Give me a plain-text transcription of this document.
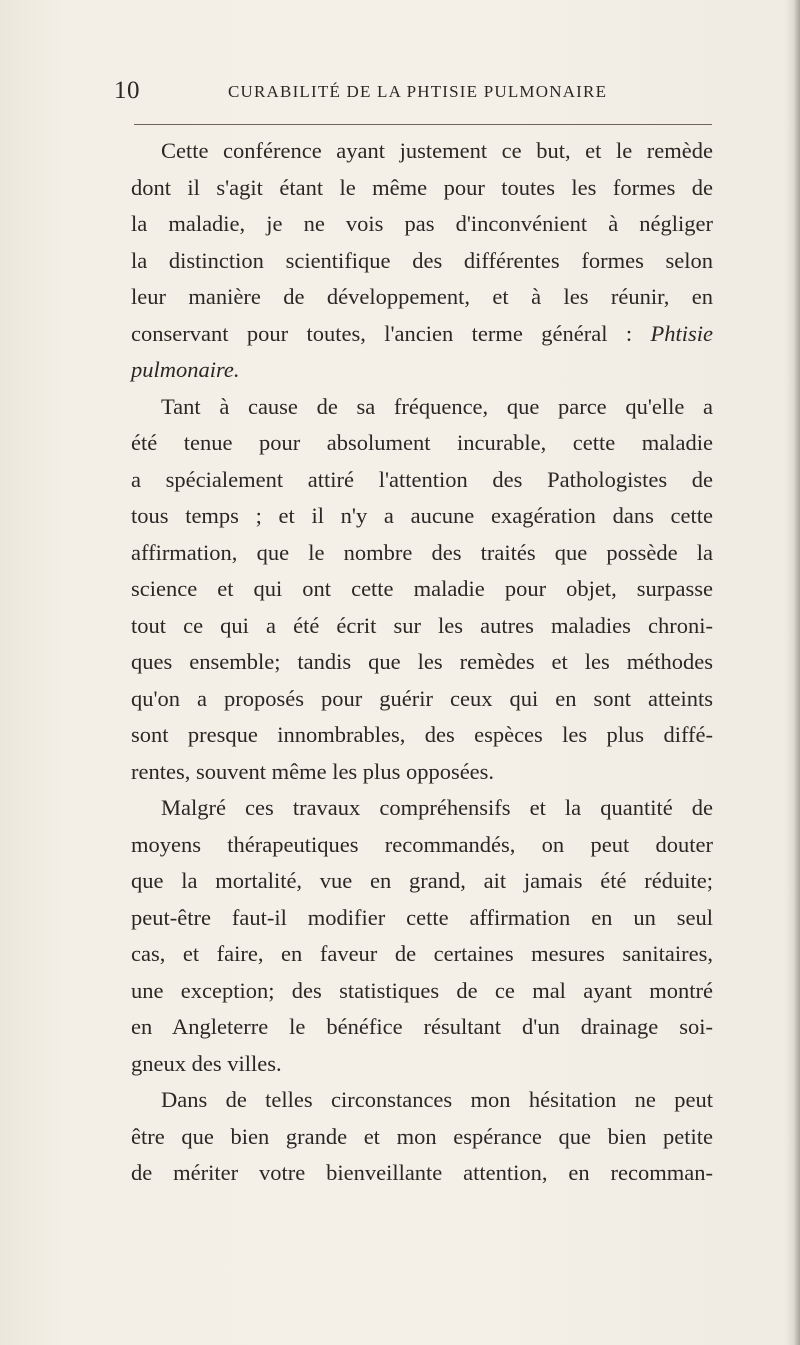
10	CURABILITÉ DE LA PHTISIE PULMONAIRE
Cette conférence ayant justement ce but, et le remède
dont il s'agit étant le même pour toutes les formes de
la maladie, je ne vois pas d'inconvénient à négliger
la distinction scientifique des différentes formes selon
leur manière de développement, et à les réunir, en
conservant pour toutes, l'ancien terme général : Phtisie
pulmonaire.
Tant à cause de sa fréquence, que parce qu'elle a
été tenue pour absolument incurable, cette maladie
a spécialement attiré l'attention des Pathologistes de
tous temps ; et il n'y a aucune exagération dans cette
affirmation, que le nombre des traités que possède la
science et qui ont cette maladie pour objet, surpasse
tout ce qui a été écrit sur les autres maladies chroni-
ques ensemble; tandis que les remèdes et les méthodes
qu'on a proposés pour guérir ceux qui en sont atteints
sont presque innombrables, des espèces les plus diffé-
rentes, souvent même les plus opposées.
Malgré ces travaux compréhensifs et la quantité de
moyens thérapeutiques recommandés, on peut douter
que la mortalité, vue en grand, ait jamais été réduite;
peut-être faut-il modifier cette affirmation en un seul
cas, et faire, en faveur de certaines mesures sanitaires,
une exception; des statistiques de ce mal ayant montré
en Angleterre le bénéfice résultant d'un drainage soi-
gneux des villes.
Dans de telles circonstances mon hésitation ne peut
être que bien grande et mon espérance que bien petite
de mériter votre bienveillante attention, en recomman-
